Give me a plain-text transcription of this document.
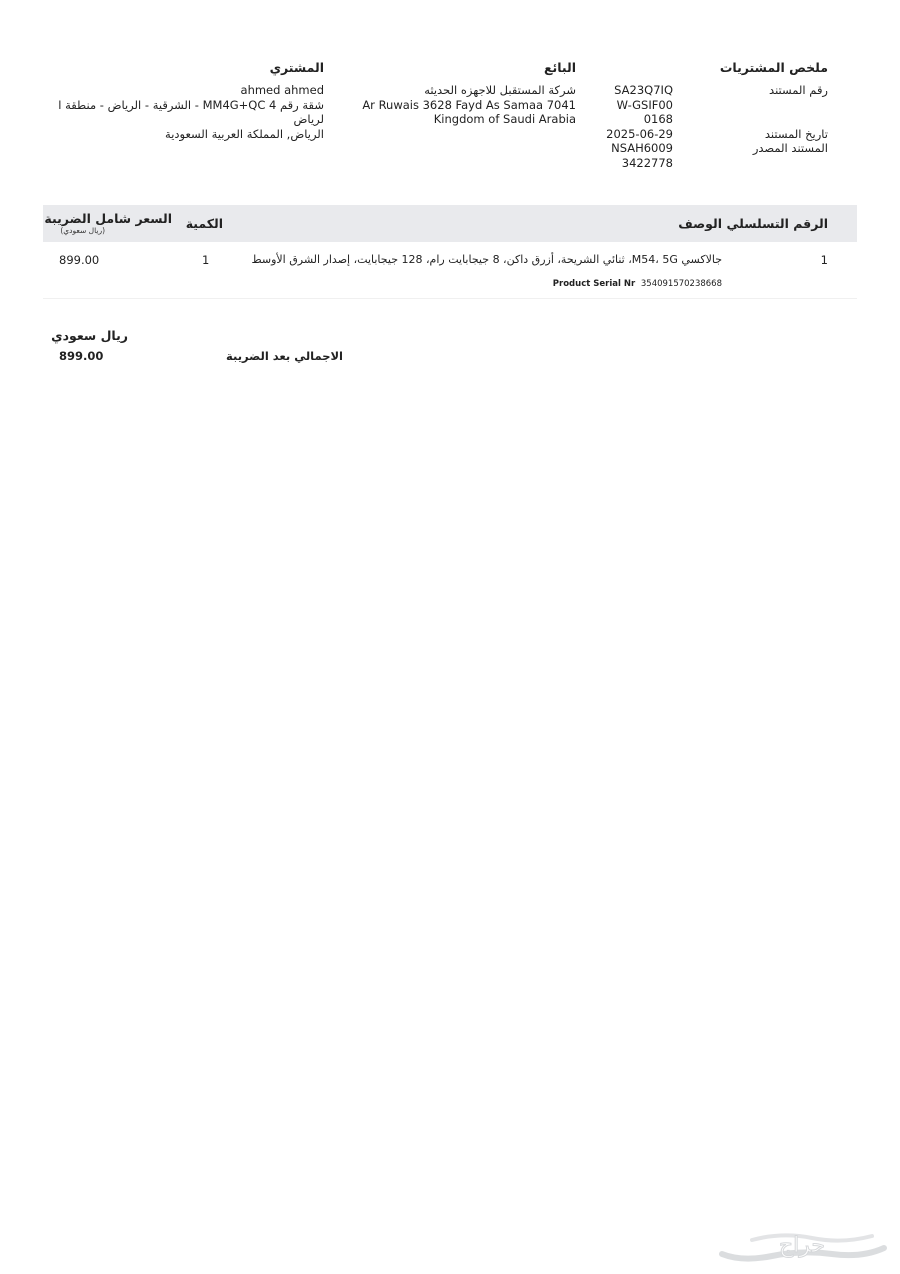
ملخص المشتريات
رقم المستند
تاريخ المستند
المستند المصدر
SA23Q7IQ
W-GSIF00
0168
2025-06-29
NSAH6009
3422778
البائع
شركة المستقبل للاجهزه الحديثه
Ar Ruwais 3628 Fayd As Samaa 7041
Kingdom of Saudi Arabia
المشتري
ahmed ahmed
شقة رقم MM4G+QC 4 - الشرقية - الرياض - منطقة ا
لرياض
الرياض, المملكة العربية السعودية
الرقم التسلسلي
الوصف
الكمية
السعر شامل الضريبة
(ريال سعودي)
1
جالاكسي M54، 5G، ثنائي الشريحة، أزرق داكن، 8 جيجابايت رام، 128 جيجابايت، إصدار الشرق الأوسط
1
899.00
Product Serial Nr 354091570238668
ريال سعودي
899.00	الاجمالي بعد الضريبة
حراج
